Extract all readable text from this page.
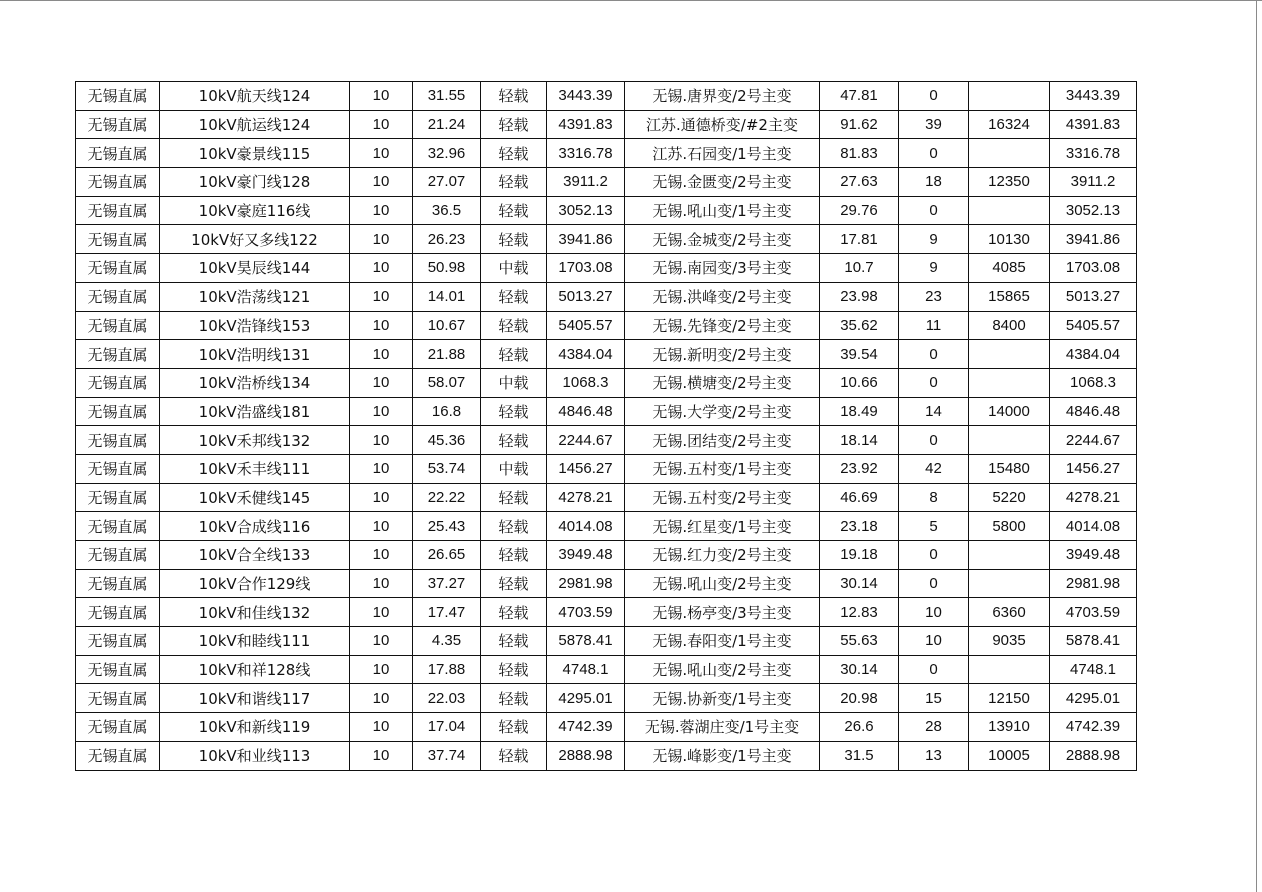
无锡直属	10kV航天线124	10	31.55	轻载	3443.39	无锡.唐界变/2号主变	47.81	0		3443.39
无锡直属	10kV航运线124	10	21.24	轻载	4391.83	江苏.通德桥变/#2主变	91.62	39	16324	4391.83
无锡直属	10kV豪景线115	10	32.96	轻载	3316.78	江苏.石园变/1号主变	81.83	0		3316.78
无锡直属	10kV豪门线128	10	27.07	轻载	3911.2	无锡.金匮变/2号主变	27.63	18	12350	3911.2
无锡直属	10kV豪庭116线	10	36.5	轻载	3052.13	无锡.吼山变/1号主变	29.76	0		3052.13
无锡直属	10kV好又多线122	10	26.23	轻载	3941.86	无锡.金城变/2号主变	17.81	9	10130	3941.86
无锡直属	10kV昊辰线144	10	50.98	中载	1703.08	无锡.南园变/3号主变	10.7	9	4085	1703.08
无锡直属	10kV浩荡线121	10	14.01	轻载	5013.27	无锡.洪峰变/2号主变	23.98	23	15865	5013.27
无锡直属	10kV浩锋线153	10	10.67	轻载	5405.57	无锡.先锋变/2号主变	35.62	11	8400	5405.57
无锡直属	10kV浩明线131	10	21.88	轻载	4384.04	无锡.新明变/2号主变	39.54	0		4384.04
无锡直属	10kV浩桥线134	10	58.07	中载	1068.3	无锡.横塘变/2号主变	10.66	0		1068.3
无锡直属	10kV浩盛线181	10	16.8	轻载	4846.48	无锡.大学变/2号主变	18.49	14	14000	4846.48
无锡直属	10kV禾邦线132	10	45.36	轻载	2244.67	无锡.团结变/2号主变	18.14	0		2244.67
无锡直属	10kV禾丰线111	10	53.74	中载	1456.27	无锡.五村变/1号主变	23.92	42	15480	1456.27
无锡直属	10kV禾健线145	10	22.22	轻载	4278.21	无锡.五村变/2号主变	46.69	8	5220	4278.21
无锡直属	10kV合成线116	10	25.43	轻载	4014.08	无锡.红星变/1号主变	23.18	5	5800	4014.08
无锡直属	10kV合全线133	10	26.65	轻载	3949.48	无锡.红力变/2号主变	19.18	0		3949.48
无锡直属	10kV合作129线	10	37.27	轻载	2981.98	无锡.吼山变/2号主变	30.14	0		2981.98
无锡直属	10kV和佳线132	10	17.47	轻载	4703.59	无锡.杨亭变/3号主变	12.83	10	6360	4703.59
无锡直属	10kV和睦线111	10	4.35	轻载	5878.41	无锡.春阳变/1号主变	55.63	10	9035	5878.41
无锡直属	10kV和祥128线	10	17.88	轻载	4748.1	无锡.吼山变/2号主变	30.14	0		4748.1
无锡直属	10kV和谐线117	10	22.03	轻载	4295.01	无锡.协新变/1号主变	20.98	15	12150	4295.01
无锡直属	10kV和新线119	10	17.04	轻载	4742.39	无锡.蓉湖庄变/1号主变	26.6	28	13910	4742.39
无锡直属	10kV和业线113	10	37.74	轻载	2888.98	无锡.峰影变/1号主变	31.5	13	10005	2888.98
